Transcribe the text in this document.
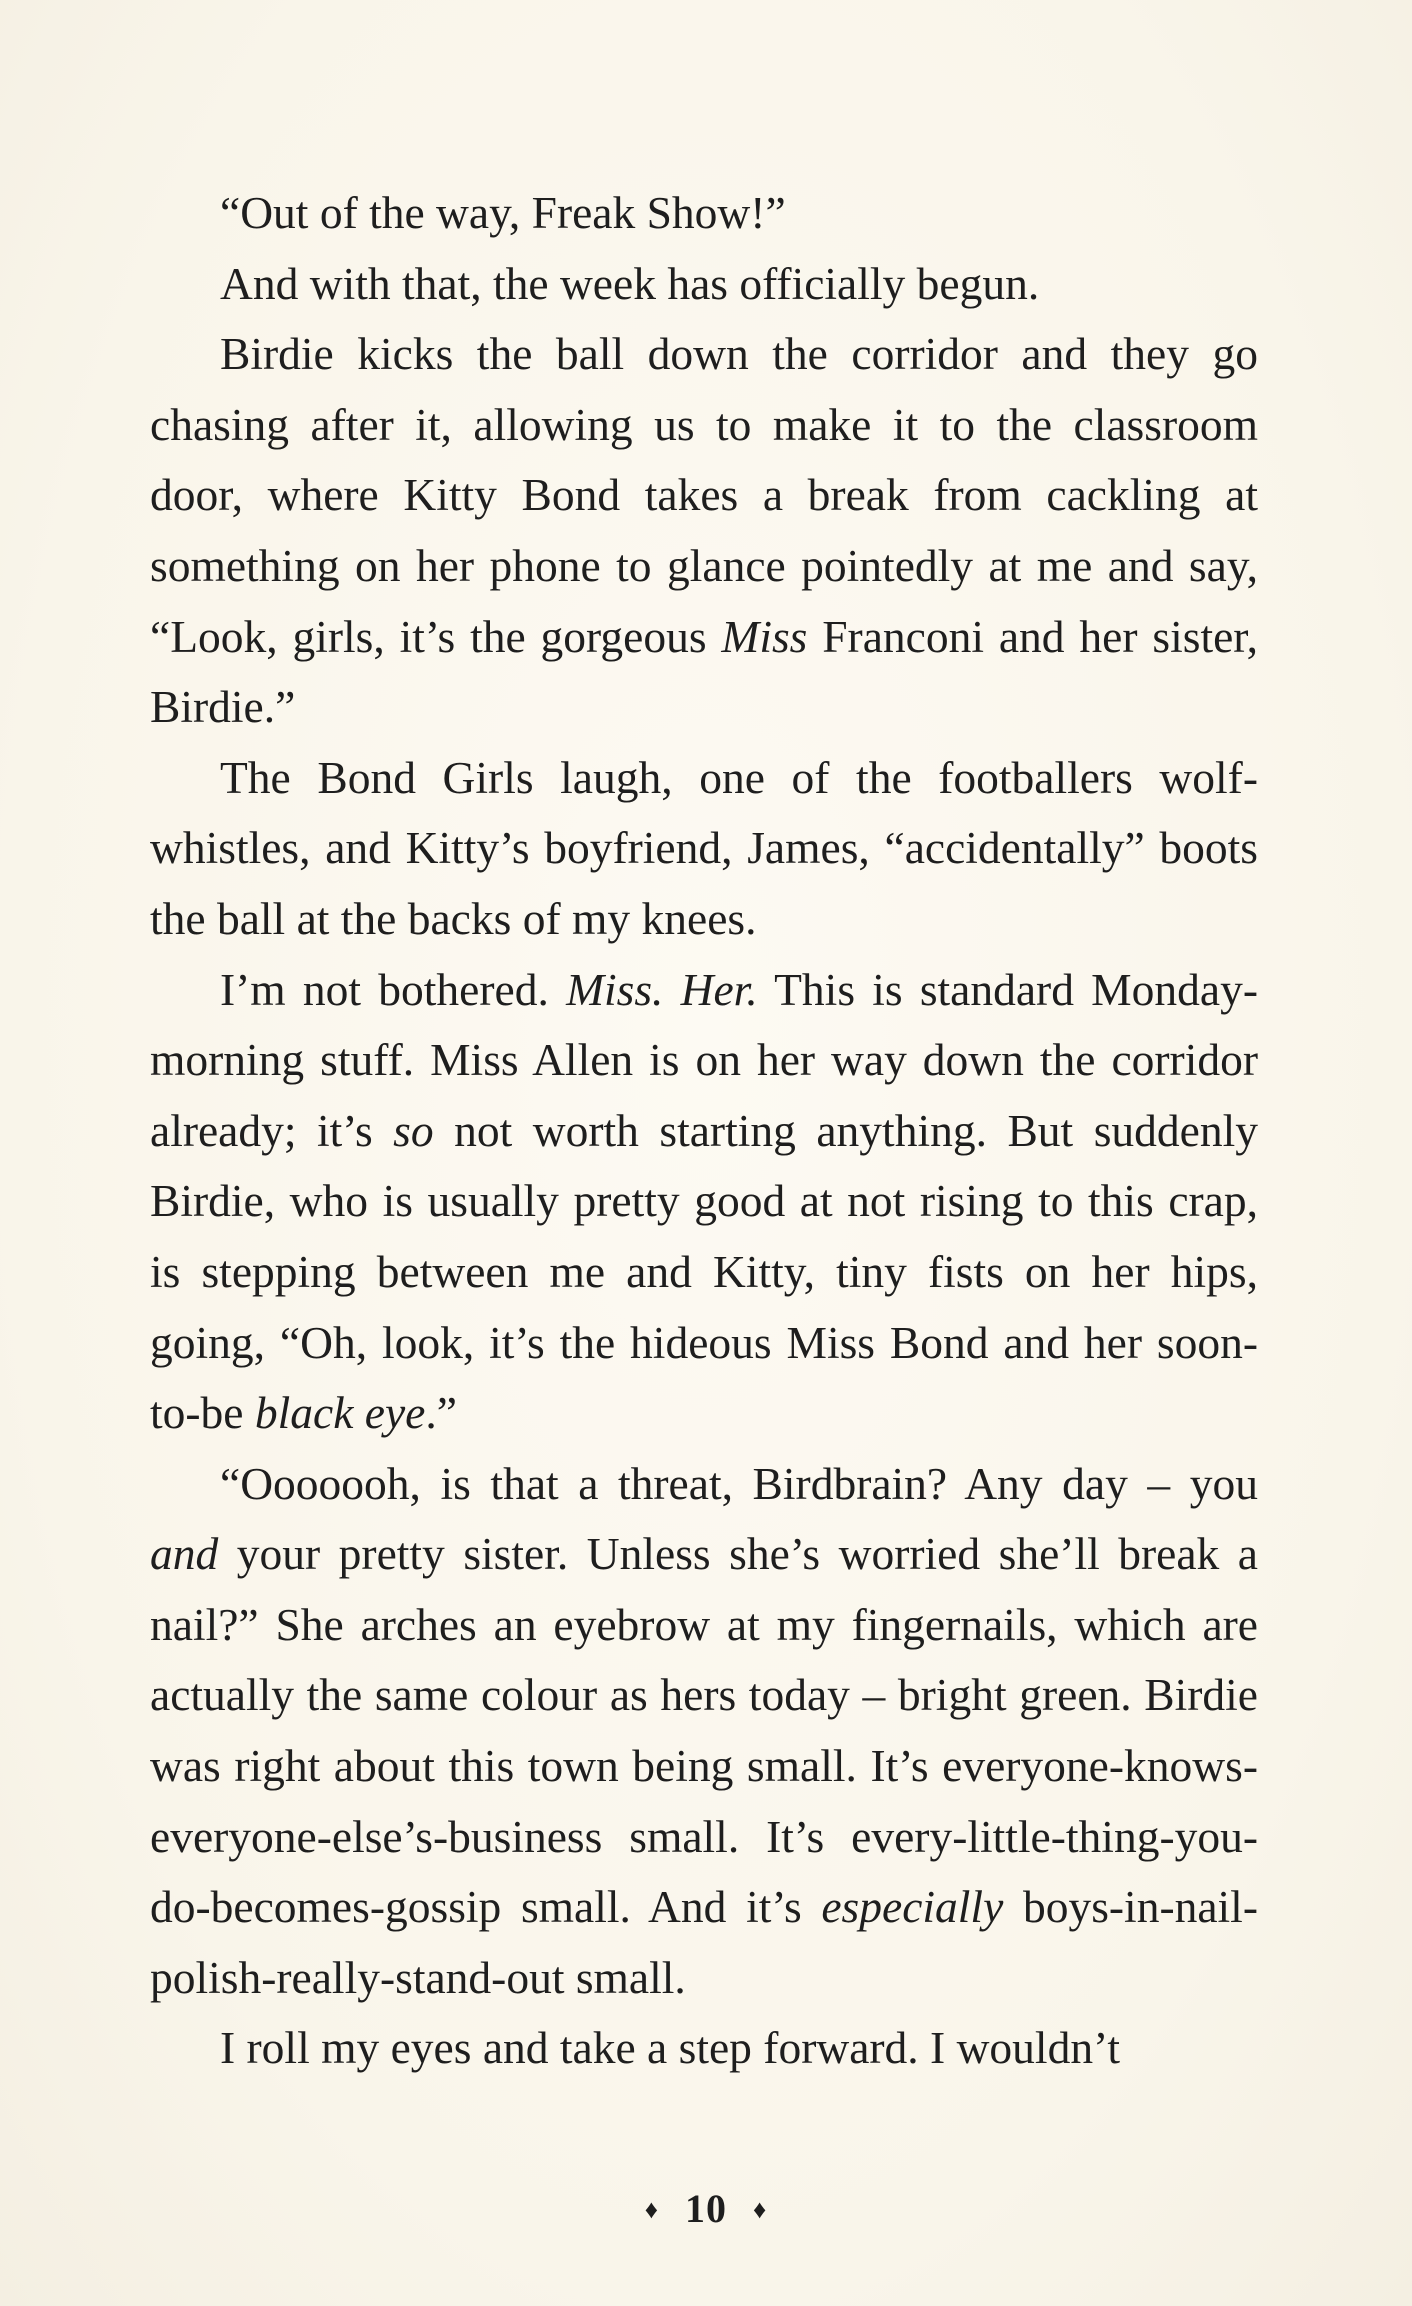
“Out of the way, Freak Show!”

And with that, the week has officially begun.

Birdie kicks the ball down the corridor and they go chasing after it, allowing us to make it to the classroom door, where Kitty Bond takes a break from cackling at something on her phone to glance pointedly at me and say, “Look, girls, it’s the gorgeous Miss Franconi and her sister, Birdie.”

The Bond Girls laugh, one of the footballers wolf-whistles, and Kitty’s boyfriend, James, “accidentally” boots the ball at the backs of my knees.

I’m not bothered. Miss. Her. This is standard Monday-morning stuff. Miss Allen is on her way down the corridor already; it’s so not worth starting anything. But suddenly Birdie, who is usually pretty good at not rising to this crap, is stepping between me and Kitty, tiny fists on her hips, going, “Oh, look, it’s the hideous Miss Bond and her soon-to-be black eye.”

“Ooooooh, is that a threat, Birdbrain? Any day – you and your pretty sister. Unless she’s worried she’ll break a nail?” She arches an eyebrow at my fingernails, which are actually the same colour as hers today – bright green. Birdie was right about this town being small. It’s everyone-knows-everyone-else’s-business small. It’s every-little-thing-you-do-becomes-gossip small. And it’s especially boys-in-nail-polish-really-stand-out small.

I roll my eyes and take a step forward. I wouldn’t

♦ 10 ♦
